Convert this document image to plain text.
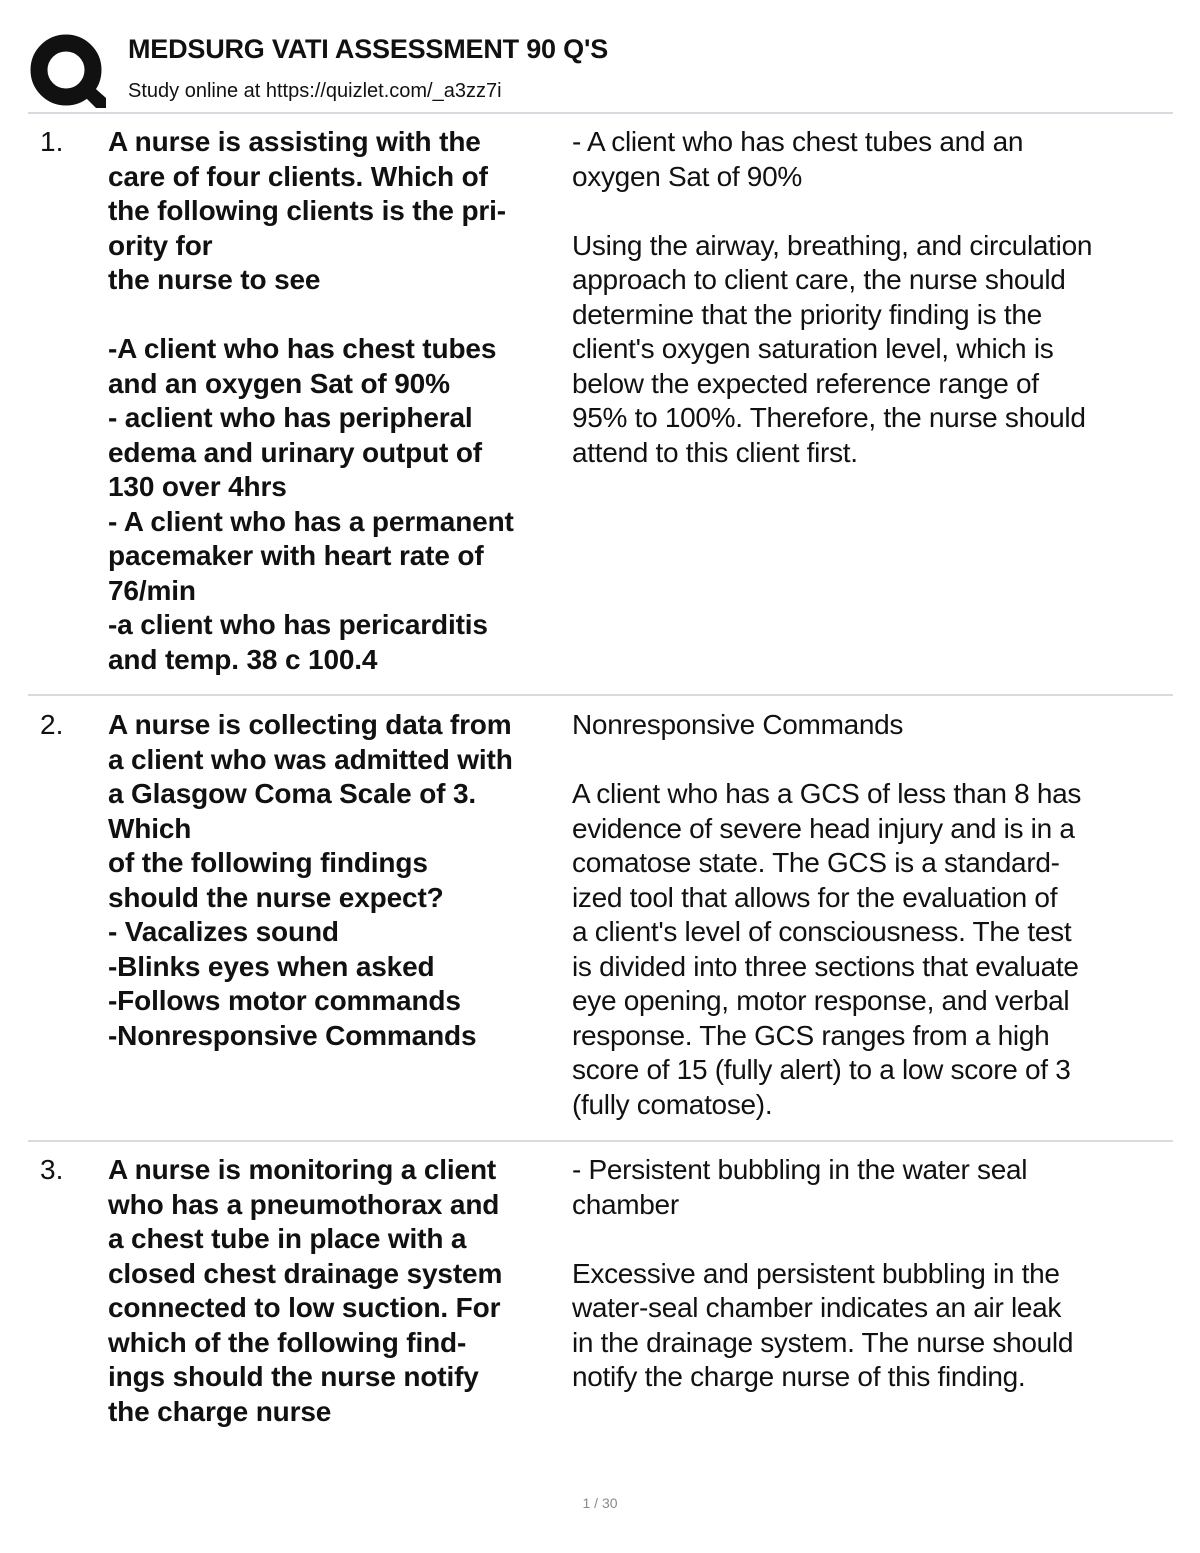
MEDSURG VATI ASSESSMENT 90 Q'S
Study online at https://quizlet.com/_a3zz7i
1. A nurse is assisting with the
care of four clients. Which of
the following clients is the pri-
ority for
the nurse to see
-A client who has chest tubes
and an oxygen Sat of 90%
- aclient who has peripheral
edema and urinary output of
130 over 4hrs
- A client who has a permanent
pacemaker with heart rate of
76/min
-a client who has pericarditis
and temp. 38 c 100.4
- A client who has chest tubes and an
oxygen Sat of 90%
Using the airway, breathing, and circulation
approach to client care, the nurse should
determine that the priority finding is the
client's oxygen saturation level, which is
below the expected reference range of
95% to 100%. Therefore, the nurse should
attend to this client first.
2. A nurse is collecting data from
a client who was admitted with
a Glasgow Coma Scale of 3.
Which
of the following findings
should the nurse expect?
- Vacalizes sound
-Blinks eyes when asked
-Follows motor commands
-Nonresponsive Commands
Nonresponsive Commands
A client who has a GCS of less than 8 has
evidence of severe head injury and is in a
comatose state. The GCS is a standard-
ized tool that allows for the evaluation of
a client's level of consciousness. The test
is divided into three sections that evaluate
eye opening, motor response, and verbal
response. The GCS ranges from a high
score of 15 (fully alert) to a low score of 3
(fully comatose).
3. A nurse is monitoring a client
who has a pneumothorax and
a chest tube in place with a
closed chest drainage system
connected to low suction. For
which of the following find-
ings should the nurse notify
the charge nurse
- Persistent bubbling in the water seal
chamber
Excessive and persistent bubbling in the
water-seal chamber indicates an air leak
in the drainage system. The nurse should
notify the charge nurse of this finding.
1 / 30
